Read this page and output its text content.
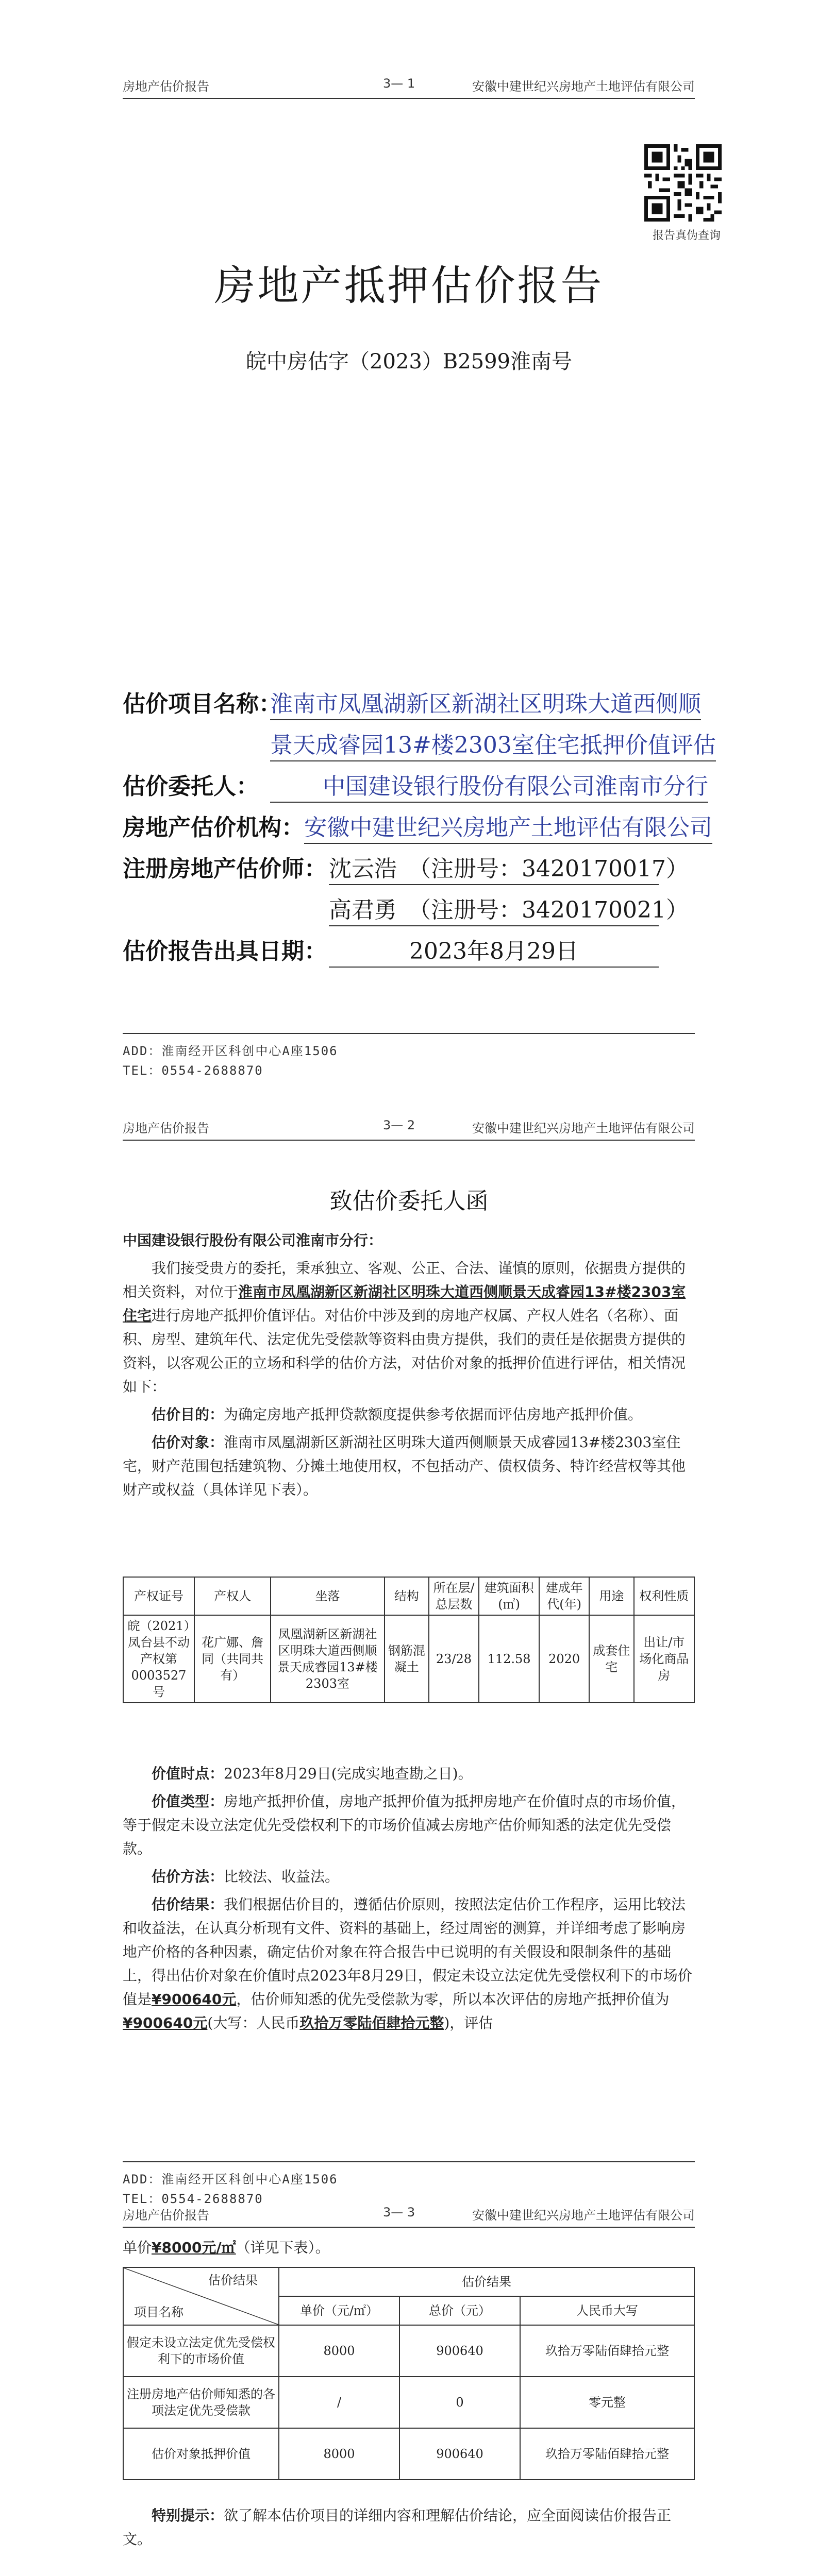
房地产估价报告	3— 1	安徽中建世纪兴房地产土地评估有限公司
报告真伪查询
房地产抵押估价报告
皖中房估字（2023）B2599淮南号
估价项目名称：
淮南市凤凰湖新区新湖社区明珠大道西侧顺
景天成睿园13#楼2303室住宅抵押价值评估
估价委托人：	中国建设银行股份有限公司淮南市分行
房地产估价机构： 安徽中建世纪兴房地产土地评估有限公司
注册房地产估价师： 沈云浩　（注册号：3420170017）
高君勇　（注册号：3420170021）
估价报告出具日期：	2023年8月29日
ADD：淮南经开区科创中心A座1506
TEL：0554-2688870
房地产估价报告	3— 2	安徽中建世纪兴房地产土地评估有限公司
致估价委托人函

中国建设银行股份有限公司淮南市分行：

我们接受贵方的委托，秉承独立、客观、公正、合法、谨慎的原则，依据贵方提供的相关资料，对位于淮南市凤凰湖新区新湖社区明珠大道西侧顺景天成睿园13#楼2303室住宅进行房地产抵押价值评估。对估价中涉及到的房地产权属、产权人姓名（名称）、面积、房型、建筑年代、法定优先受偿款等资料由贵方提供，我们的责任是依据贵方提供的资料，以客观公正的立场和科学的估价方法，对估价对象的抵押价值进行评估，相关情况如下：

估价目的：为确定房地产抵押贷款额度提供参考依据而评估房地产抵押价值。

估价对象：淮南市凤凰湖新区新湖社区明珠大道西侧顺景天成睿园13#楼2303室住宅，财产范围包括建筑物、分摊土地使用权，不包括动产、债权债务、特许经营权等其他财产或权益（具体详见下表）。

产权证号	产权人	坐落	结构	所在层/总层数	建筑面积(㎡)	建成年代(年)	用途	权利性质
皖（2021）凤台县不动产权第0003527号	花广娜、詹同（共同共有）	凤凰湖新区新湖社区明珠大道西侧顺景天成睿园13#楼2303室	钢筋混凝土	23/28	112.58	2020	成套住宅	出让/市场化商品房

价值时点：2023年8月29日(完成实地查勘之日)。

价值类型：房地产抵押价值，房地产抵押价值为抵押房地产在价值时点的市场价值，等于假定未设立法定优先受偿权利下的市场价值减去房地产估价师知悉的法定优先受偿款。

估价方法：比较法、收益法。

估价结果：我们根据估价目的，遵循估价原则，按照法定估价工作程序，运用比较法和收益法，在认真分析现有文件、资料的基础上，经过周密的测算，并详细考虑了影响房地产价格的各种因素，确定估价对象在符合报告中已说明的有关假设和限制条件的基础上，得出估价对象在价值时点2023年8月29日，假定未设立法定优先受偿权利下的市场价值是¥900640元，估价师知悉的优先受偿款为零，所以本次评估的房地产抵押价值为¥900640元(大写：人民币玖拾万零陆佰肆拾元整)，评估

ADD：淮南经开区科创中心A座1506
TEL：0554-2688870
房地产估价报告	3— 3	安徽中建世纪兴房地产土地评估有限公司

单价¥8000元/㎡（详见下表）。

估价结果
项目名称	估价结果		
	单价（元/㎡）	总价（元）	人民币大写
假定未设立法定优先受偿权利下的市场价值	8000	900640	玖拾万零陆佰肆拾元整
注册房地产估价师知悉的各项法定优先受偿款	/	0	零元整
估价对象抵押价值	8000	900640	玖拾万零陆佰肆拾元整

特别提示：欲了解本估价项目的详细内容和理解估价结论，应全面阅读估价报告正文。
